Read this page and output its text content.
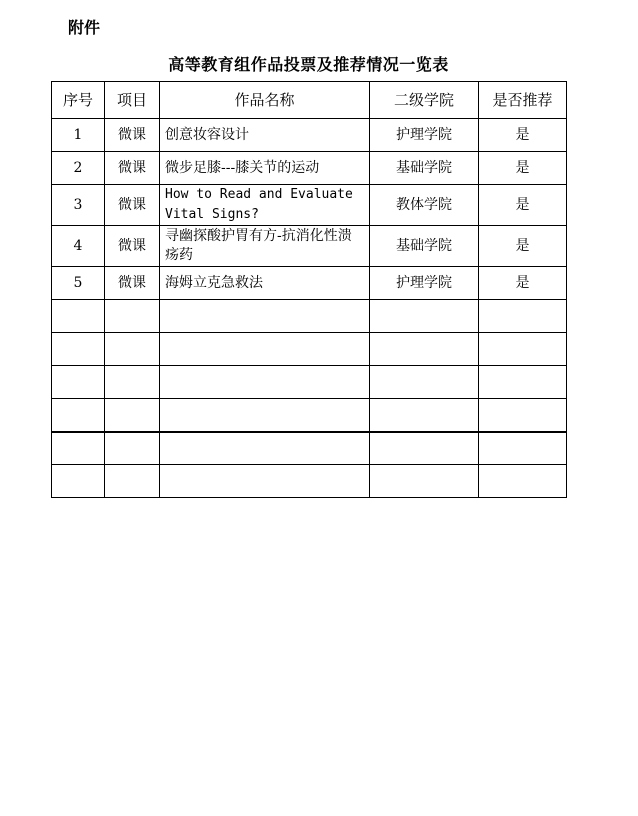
附件
高等教育组作品投票及推荐情况一览表
序号	项目	作品名称	二级学院	是否推荐
1	微课	创意妆容设计	护理学院	是
2	微课	微步足膝---膝关节的运动	基础学院	是
3	微课	How to Read and Evaluate Vital Signs?	教体学院	是
4	微课	寻幽探酸护胃有方-抗消化性溃疡药	基础学院	是
5	微课	海姆立克急救法	护理学院	是
